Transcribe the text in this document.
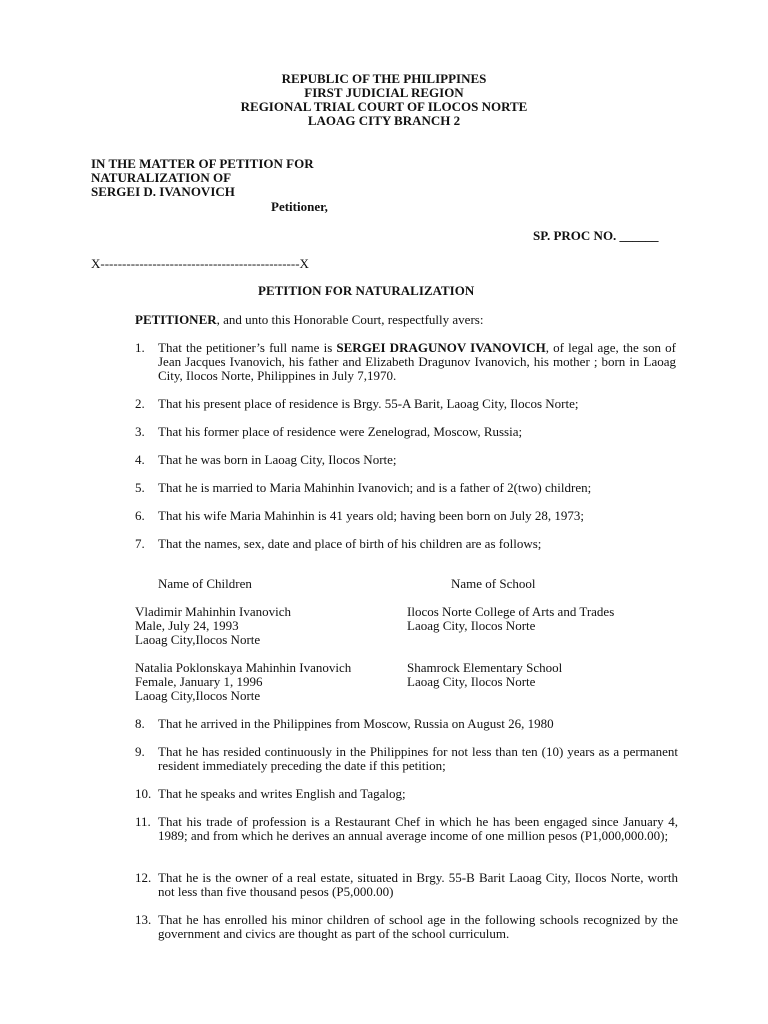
REPUBLIC OF THE PHILIPPINES
FIRST JUDICIAL REGION
REGIONAL TRIAL COURT OF ILOCOS NORTE
LAOAG CITY BRANCH 2
IN THE MATTER OF PETITION FOR
NATURALIZATION OF
SERGEI D. IVANOVICH
Petitioner,
SP. PROC NO. ______
X----------------------------------------------X
PETITION FOR NATURALIZATION
PETITIONER, and unto this Honorable Court, respectfully avers:
1. That the petitioner’s full name is SERGEI DRAGUNOV IVANOVICH, of legal age, the son of Jean Jacques Ivanovich, his father and Elizabeth Dragunov Ivanovich, his mother ; born in Laoag City, Ilocos Norte, Philippines in July 7,1970.
2. That his present place of residence is Brgy. 55-A Barit, Laoag City, Ilocos Norte;
3. That his former place of residence were Zenelograd, Moscow, Russia;
4. That he was born in Laoag City, Ilocos Norte;
5. That he is married to Maria Mahinhin Ivanovich; and is a father of 2(two) children;
6. That his wife Maria Mahinhin is 41 years old; having been born on July 28, 1973;
7. That the names, sex, date and place of birth of his children are as follows;
Name of Children	Name of School
Vladimir Mahinhin Ivanovich
Male, July 24, 1993
Laoag City,Ilocos Norte
Ilocos Norte College of Arts and Trades
Laoag City, Ilocos Norte
Natalia Poklonskaya Mahinhin Ivanovich
Female, January 1, 1996
Laoag City,Ilocos Norte
Shamrock Elementary School
Laoag City, Ilocos Norte
8. That he arrived in the Philippines from Moscow, Russia on August 26, 1980
9. That he has resided continuously in the Philippines for not less than ten (10) years as a permanent resident immediately preceding the date if this petition;
10. That he speaks and writes English and Tagalog;
11. That his trade of profession is a Restaurant Chef in which he has been engaged since January 4, 1989; and from which he derives an annual average income of one million pesos (P1,000,000.00);
12. That he is the owner of a real estate, situated in Brgy. 55-B Barit Laoag City, Ilocos Norte, worth not less than five thousand pesos (P5,000.00)
13. That he has enrolled his minor children of school age in the following schools recognized by the government and civics are thought as part of the school curriculum.
